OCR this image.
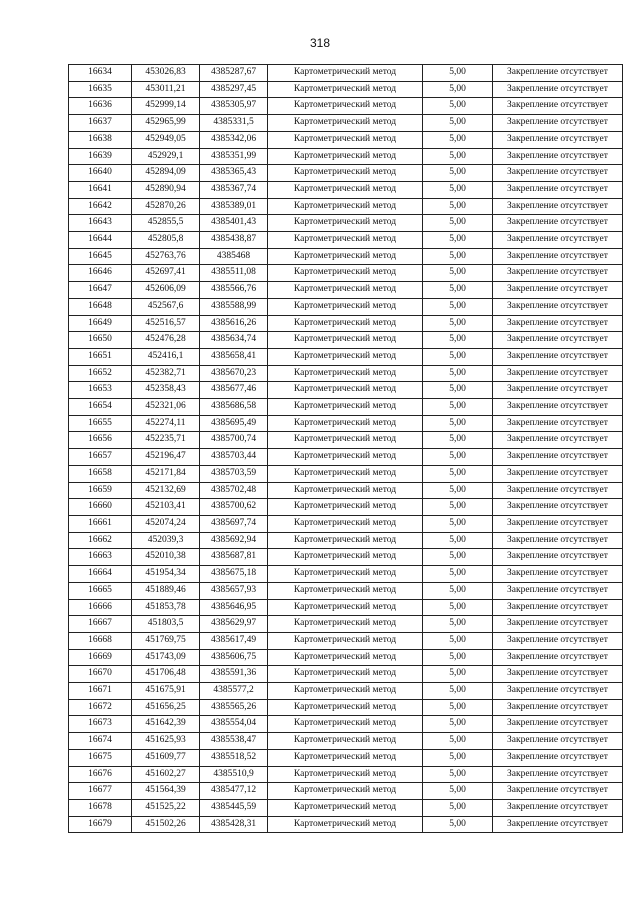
318
16634	453026,83	4385287,67	Картометрический метод	5,00	Закрепление отсутствует
16635	453011,21	4385297,45	Картометрический метод	5,00	Закрепление отсутствует
16636	452999,14	4385305,97	Картометрический метод	5,00	Закрепление отсутствует
16637	452965,99	4385331,5	Картометрический метод	5,00	Закрепление отсутствует
16638	452949,05	4385342,06	Картометрический метод	5,00	Закрепление отсутствует
16639	452929,1	4385351,99	Картометрический метод	5,00	Закрепление отсутствует
16640	452894,09	4385365,43	Картометрический метод	5,00	Закрепление отсутствует
16641	452890,94	4385367,74	Картометрический метод	5,00	Закрепление отсутствует
16642	452870,26	4385389,01	Картометрический метод	5,00	Закрепление отсутствует
16643	452855,5	4385401,43	Картометрический метод	5,00	Закрепление отсутствует
16644	452805,8	4385438,87	Картометрический метод	5,00	Закрепление отсутствует
16645	452763,76	4385468	Картометрический метод	5,00	Закрепление отсутствует
16646	452697,41	4385511,08	Картометрический метод	5,00	Закрепление отсутствует
16647	452606,09	4385566,76	Картометрический метод	5,00	Закрепление отсутствует
16648	452567,6	4385588,99	Картометрический метод	5,00	Закрепление отсутствует
16649	452516,57	4385616,26	Картометрический метод	5,00	Закрепление отсутствует
16650	452476,28	4385634,74	Картометрический метод	5,00	Закрепление отсутствует
16651	452416,1	4385658,41	Картометрический метод	5,00	Закрепление отсутствует
16652	452382,71	4385670,23	Картометрический метод	5,00	Закрепление отсутствует
16653	452358,43	4385677,46	Картометрический метод	5,00	Закрепление отсутствует
16654	452321,06	4385686,58	Картометрический метод	5,00	Закрепление отсутствует
16655	452274,11	4385695,49	Картометрический метод	5,00	Закрепление отсутствует
16656	452235,71	4385700,74	Картометрический метод	5,00	Закрепление отсутствует
16657	452196,47	4385703,44	Картометрический метод	5,00	Закрепление отсутствует
16658	452171,84	4385703,59	Картометрический метод	5,00	Закрепление отсутствует
16659	452132,69	4385702,48	Картометрический метод	5,00	Закрепление отсутствует
16660	452103,41	4385700,62	Картометрический метод	5,00	Закрепление отсутствует
16661	452074,24	4385697,74	Картометрический метод	5,00	Закрепление отсутствует
16662	452039,3	4385692,94	Картометрический метод	5,00	Закрепление отсутствует
16663	452010,38	4385687,81	Картометрический метод	5,00	Закрепление отсутствует
16664	451954,34	4385675,18	Картометрический метод	5,00	Закрепление отсутствует
16665	451889,46	4385657,93	Картометрический метод	5,00	Закрепление отсутствует
16666	451853,78	4385646,95	Картометрический метод	5,00	Закрепление отсутствует
16667	451803,5	4385629,97	Картометрический метод	5,00	Закрепление отсутствует
16668	451769,75	4385617,49	Картометрический метод	5,00	Закрепление отсутствует
16669	451743,09	4385606,75	Картометрический метод	5,00	Закрепление отсутствует
16670	451706,48	4385591,36	Картометрический метод	5,00	Закрепление отсутствует
16671	451675,91	4385577,2	Картометрический метод	5,00	Закрепление отсутствует
16672	451656,25	4385565,26	Картометрический метод	5,00	Закрепление отсутствует
16673	451642,39	4385554,04	Картометрический метод	5,00	Закрепление отсутствует
16674	451625,93	4385538,47	Картометрический метод	5,00	Закрепление отсутствует
16675	451609,77	4385518,52	Картометрический метод	5,00	Закрепление отсутствует
16676	451602,27	4385510,9	Картометрический метод	5,00	Закрепление отсутствует
16677	451564,39	4385477,12	Картометрический метод	5,00	Закрепление отсутствует
16678	451525,22	4385445,59	Картометрический метод	5,00	Закрепление отсутствует
16679	451502,26	4385428,31	Картометрический метод	5,00	Закрепление отсутствует
